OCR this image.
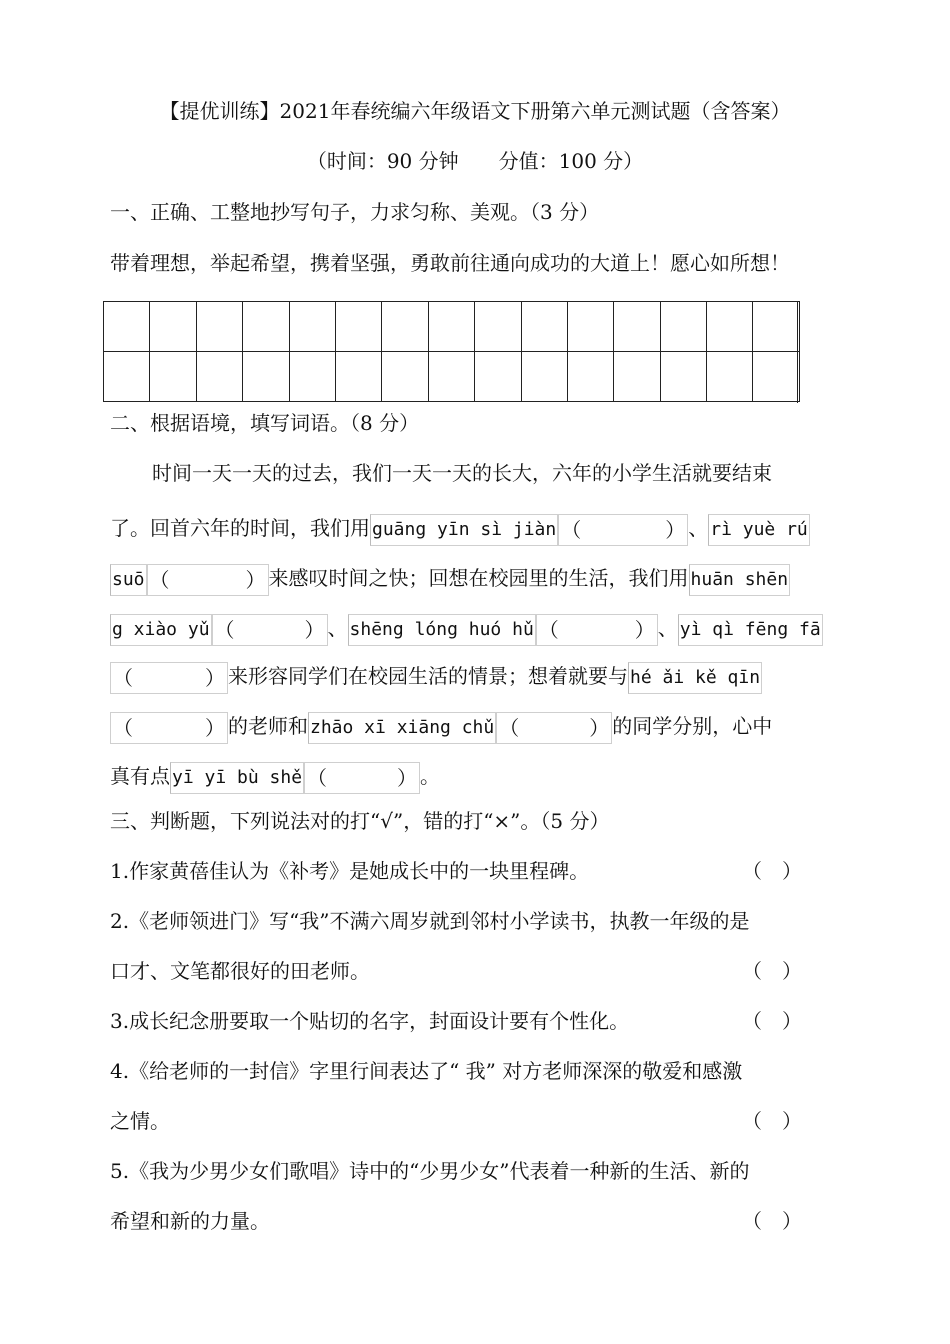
【提优训练】2021年春统编六年级语文下册第六单元测试题（含答案）
（时间：90 分钟　　分值：100 分）
一、正确、工整地抄写句子，力求匀称、美观。（3 分）
带着理想，举起希望，携着坚强，勇敢前往通向成功的大道上！愿心如所想！

二、根据语境，填写词语。（8 分）
时间一天一天的过去，我们一天一天的长大，六年的小学生活就要结束
了。回首六年的时间，我们用 guāng yīn sì jiàn （	） 、 rì yuè rú
suō （	） 来感叹时间之快；回想在校园里的生活，我们用 huān shēn
g xiào yǔ （	） 、 shēng lóng huó hǔ （	） 、 yì qì fēng fā
（	） 来形容同学们在校园生活的情景；想着就要与 hé ǎi kě qīn
（	） 的老师和 zhāo xī xiāng chǔ （	） 的同学分别，心中
真有点 yī yī bù shě （	） 。
三、判断题，下列说法对的打“√”，错的打“×”。（5 分）
1.作家黄蓓佳认为《补考》是她成长中的一块里程碑。	（　）
2.《老师领进门》写“我”不满六周岁就到邻村小学读书，执教一年级的是
口才、文笔都很好的田老师。	（　）
3.成长纪念册要取一个贴切的名字，封面设计要有个性化。	（　）
4.《给老师的一封信》字里行间表达了“ 我” 对方老师深深的敬爱和感激
之情。	（　）
5.《我为少男少女们歌唱》诗中的“少男少女”代表着一种新的生活、新的
希望和新的力量。	（　）
